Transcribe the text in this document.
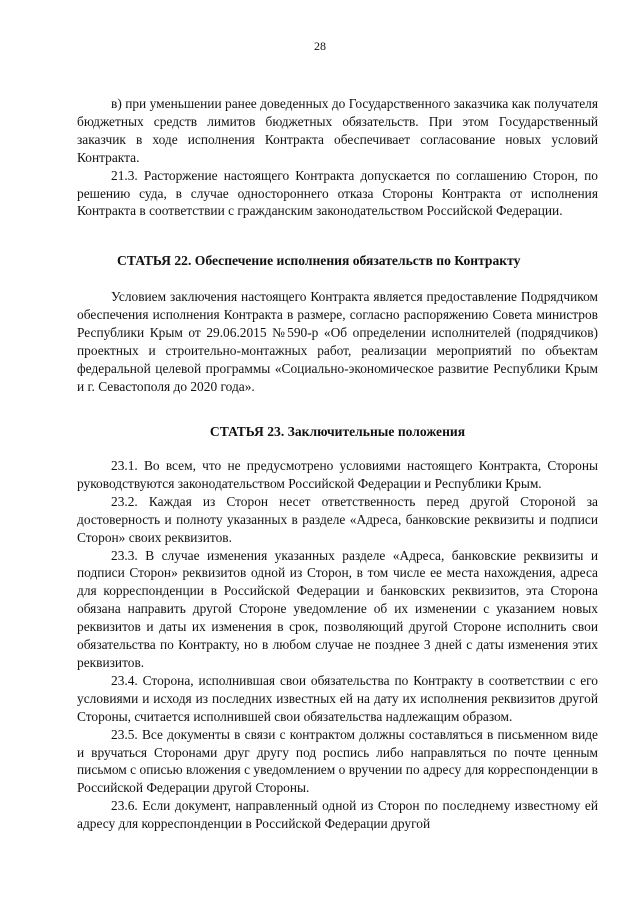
28

в) при уменьшении ранее доведенных до Государственного заказчика как получателя бюджетных средств лимитов бюджетных обязательств. При этом Государственный заказчик в ходе исполнения Контракта обеспечивает согласование новых условий Контракта.

21.3. Расторжение настоящего Контракта допускается по соглашению Сторон, по решению суда, в случае одностороннего отказа Стороны Контракта от исполнения Контракта в соответствии с гражданским законодательством Российской Федерации.

СТАТЬЯ 22. Обеспечение исполнения обязательств по Контракту

Условием заключения настоящего Контракта является предоставление Подрядчиком обеспечения исполнения Контракта в размере, согласно распоряжению Совета министров Республики Крым от 29.06.2015 №590-р «Об определении исполнителей (подрядчиков) проектных и строительно-монтажных работ, реализации мероприятий по объектам федеральной целевой программы «Социально-экономическое развитие Республики Крым и г. Севастополя до 2020 года».

СТАТЬЯ 23. Заключительные положения

23.1. Во всем, что не предусмотрено условиями настоящего Контракта, Стороны руководствуются законодательством Российской Федерации и Республики Крым.

23.2. Каждая из Сторон несет ответственность перед другой Стороной за достоверность и полноту указанных в разделе «Адреса, банковские реквизиты и подписи Сторон» своих реквизитов.

23.3. В случае изменения указанных разделе «Адреса, банковские реквизиты и подписи Сторон» реквизитов одной из Сторон, в том числе ее места нахождения, адреса для корреспонденции в Российской Федерации и банковских реквизитов, эта Сторона обязана направить другой Стороне уведомление об их изменении с указанием новых реквизитов и даты их изменения в срок, позволяющий другой Стороне исполнить свои обязательства по Контракту, но в любом случае не позднее 3 дней с даты изменения этих реквизитов.

23.4. Сторона, исполнившая свои обязательства по Контракту в соответствии с его условиями и исходя из последних известных ей на дату их исполнения реквизитов другой Стороны, считается исполнившей свои обязательства надлежащим образом.

23.5. Все документы в связи с контрактом должны составляться в письменном виде и вручаться Сторонами друг другу под роспись либо направляться по почте ценным письмом с описью вложения с уведомлением о вручении по адресу для корреспонденции в Российской Федерации другой Стороны.

23.6. Если документ, направленный одной из Сторон по последнему известному ей адресу для корреспонденции в Российской Федерации другой
